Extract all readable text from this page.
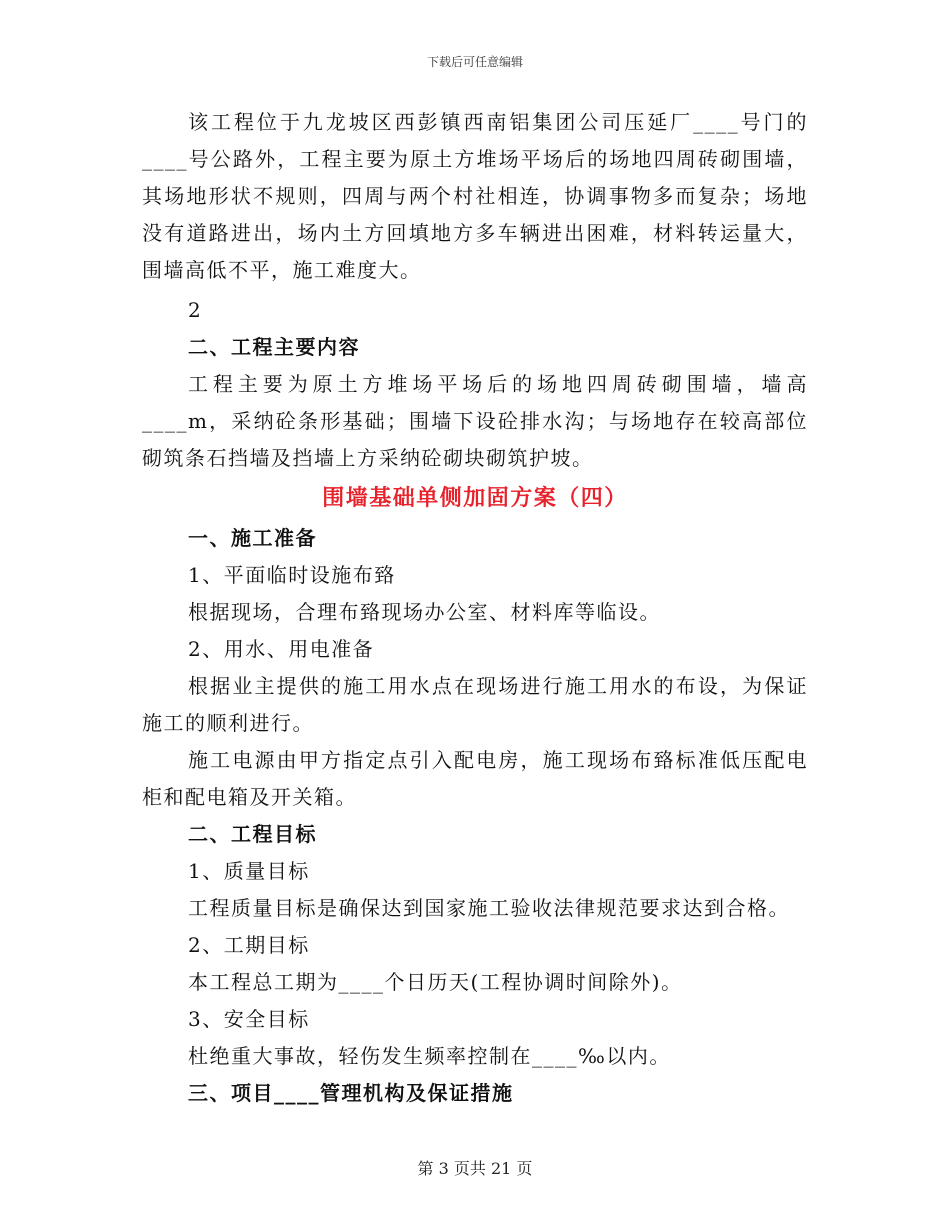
下载后可任意编辑

该工程位于九龙坡区西彭镇西南铝集团公司压延厂____号门的____号公路外，工程主要为原土方堆场平场后的场地四周砖砌围墙，其场地形状不规则，四周与两个村社相连，协调事物多而复杂；场地没有道路进出，场内土方回填地方多车辆进出困难，材料转运量大，围墙高低不平，施工难度大。

2

二、工程主要内容

工程主要为原土方堆场平场后的场地四周砖砌围墙，墙高____m，采纳砼条形基础；围墙下设砼排水沟；与场地存在较高部位砌筑条石挡墙及挡墙上方采纳砼砌块砌筑护坡。

围墙基础单侧加固方案（四）

一、施工准备

1、平面临时设施布臵

根据现场，合理布臵现场办公室、材料库等临设。

2、用水、用电准备

根据业主提供的施工用水点在现场进行施工用水的布设，为保证施工的顺利进行。

施工电源由甲方指定点引入配电房，施工现场布臵标准低压配电柜和配电箱及开关箱。

二、工程目标

1、质量目标

工程质量目标是确保达到国家施工验收法律规范要求达到合格。

2、工期目标

本工程总工期为____个日历天(工程协调时间除外)。

3、安全目标

杜绝重大事故，轻伤发生频率控制在____‰以内。

三、项目____管理机构及保证措施

第 3 页共 21 页
